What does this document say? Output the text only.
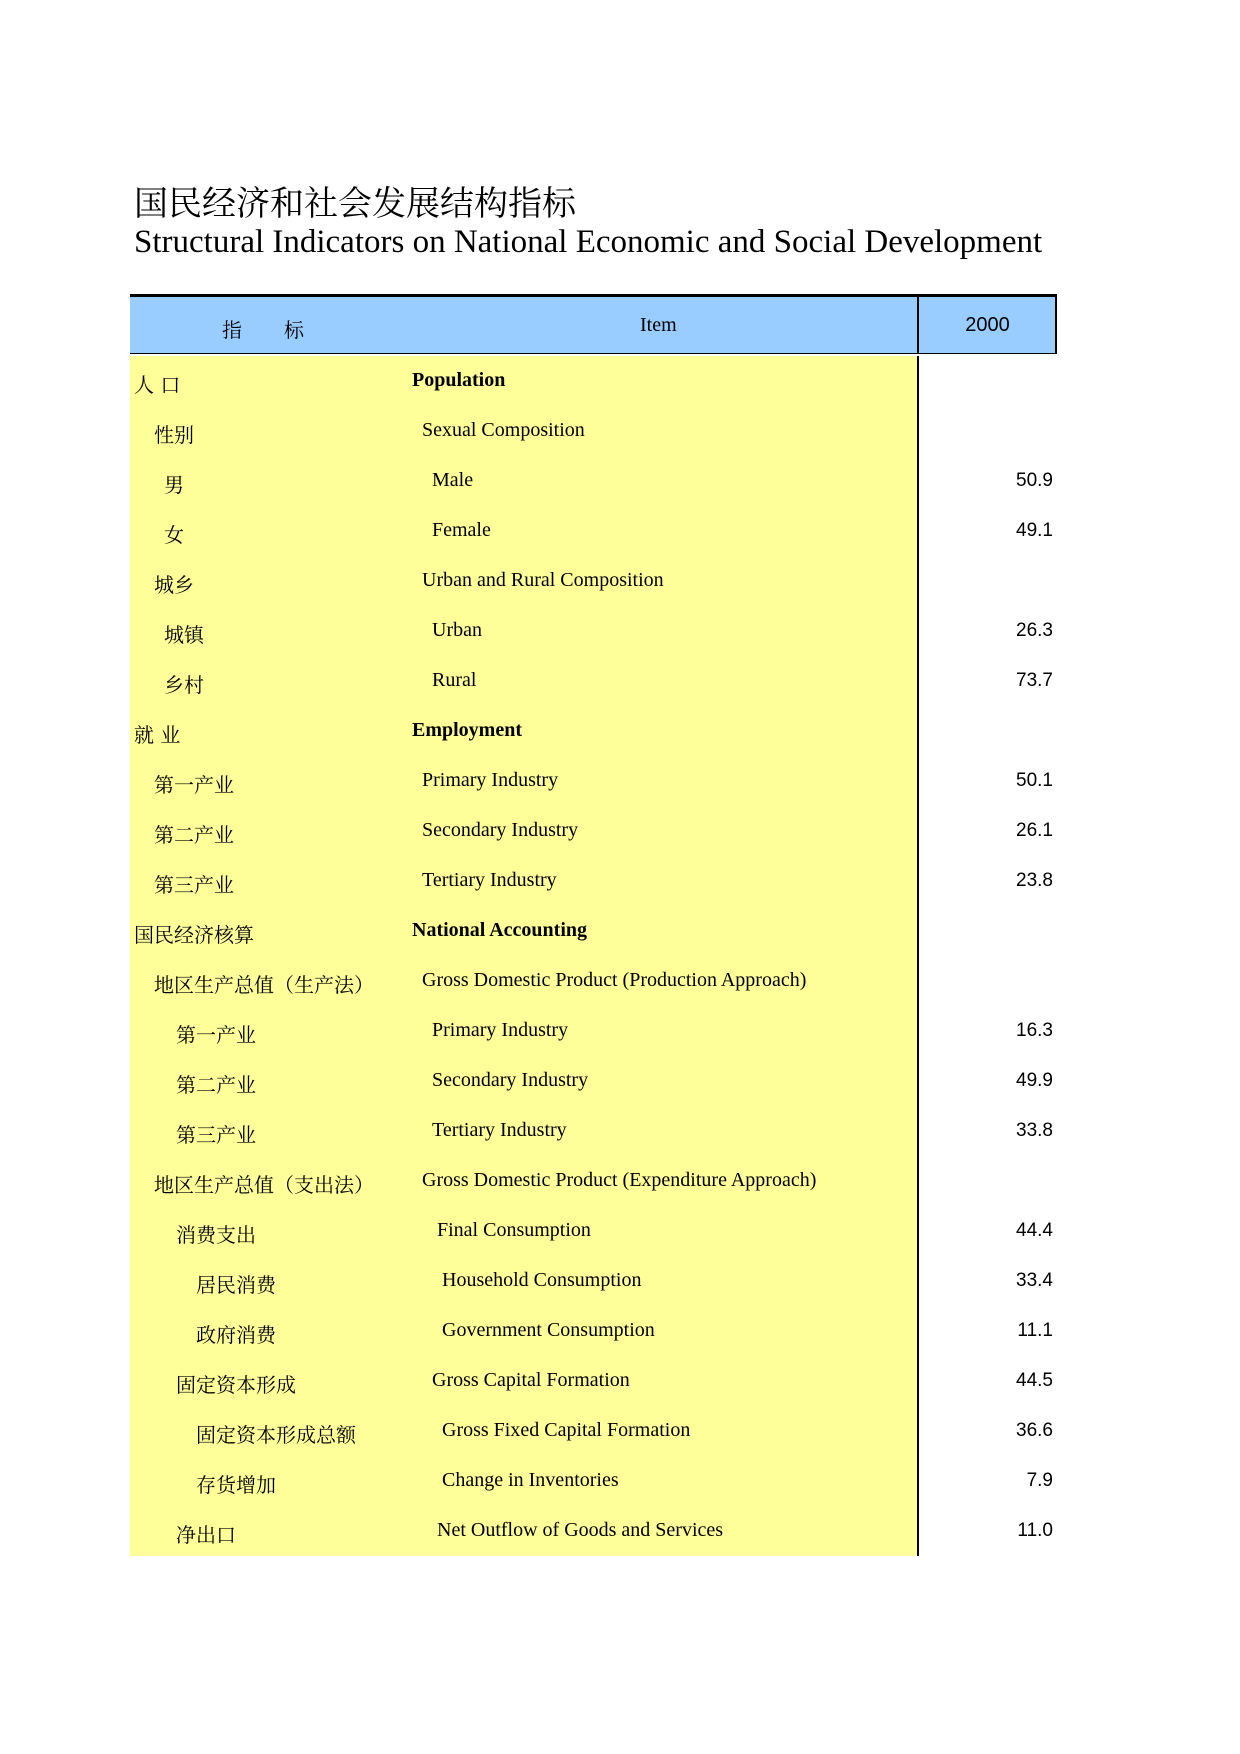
国民经济和社会发展结构指标
Structural Indicators on National Economic and Social Development
指标	Item	2000
人 口	Population
性别	Sexual Composition
男	Male	50.9
女	Female	49.1
城乡	Urban and Rural Composition
城镇	Urban	26.3
乡村	Rural	73.7
就 业	Employment
第一产业	Primary Industry	50.1
第二产业	Secondary Industry	26.1
第三产业	Tertiary Industry	23.8
国民经济核算	National Accounting
地区生产总值（生产法） Gross Domestic Product (Production Approach)
第一产业	Primary Industry	16.3
第二产业	Secondary Industry	49.9
第三产业	Tertiary Industry	33.8
地区生产总值（支出法） Gross Domestic Product (Expenditure Approach)
消费支出	Final Consumption	44.4
居民消费	Household Consumption	33.4
政府消费	Government Consumption	11.1
固定资本形成	Gross Capital Formation	44.5
固定资本形成总额	Gross Fixed Capital Formation	36.6
存货增加	Change in Inventories	7.9
净出口	Net Outflow of Goods and Services	11.0
